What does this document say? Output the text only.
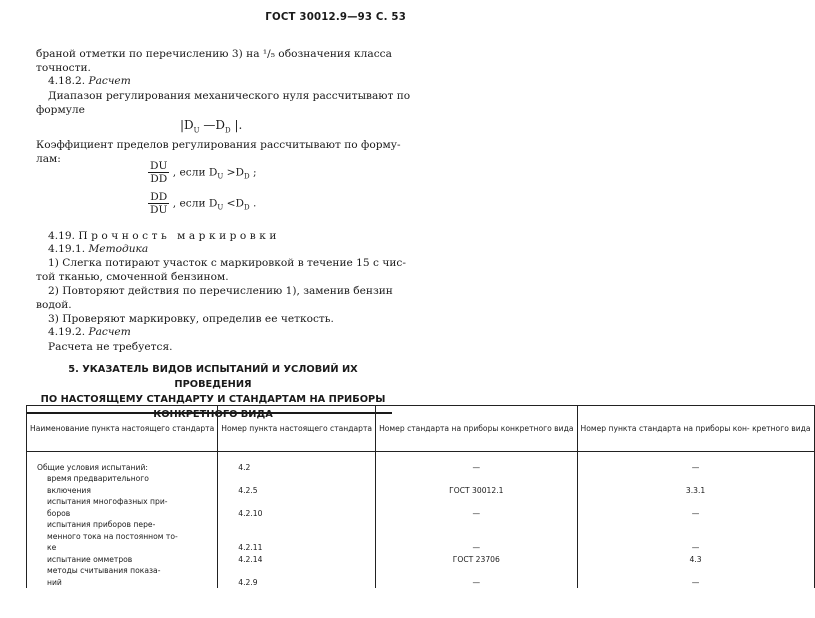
ГОСТ 30012.9—93 С. 53
браной отметки по перечислению 3) на ¹/₅ обозначения класса
точности.
4.18.2. Расчет
Диапазон регулирования механического нуля рассчитывают по
формуле
$|D_U$ $—D_D$ |.
Коэффициент пределов регулирования рассчитывают по форму-
лам:
$\frac{DU}{DD}$ , если $D_U >D_D$ ;
$\frac{DD}{DU}$ , если $D_U <D_D$ .
4.19. Прочность маркировки
4.19.1. Методика
1) Слегка потирают участок с маркировкой в течение 15 с чис-
той тканью, смоченной бензином.
2) Повторяют действия по перечислению 1), заменив бензин
водой.
3) Проверяют маркировку, определив ее четкость.
4.19.2. Расчет
Расчета не требуется.
5. УКАЗАТЕЛЬ ВИДОВ ИСПЫТАНИЙ И УСЛОВИЙ ИХ ПРОВЕДЕНИЯ
ПО НАСТОЯЩЕМУ СТАНДАРТУ И СТАНДАРТАМ НА ПРИБОРЫ
КОНКРЕТНОГО ВИДА
Наименование пункта настоящего стандарта	Номер пункта настоящего стандарта	Номер стандарта на приборы конкретного вида	Номер пункта стандарта на приборы кон- кретного вида

Общие условия испытаний:	4.2	—	—
время предварительного			
включения	4.2.5	ГОСТ 30012.1	3.3.1
испытания многофазных при-			
боров	4.2.10	—	—
испытания приборов пере-			
менного тока на постоянном то-			
ке	4.2.11	—	—
испытание омметров	4.2.14	ГОСТ 23706	4.3
методы считывания показа-			
ний	4.2.9	—	—
